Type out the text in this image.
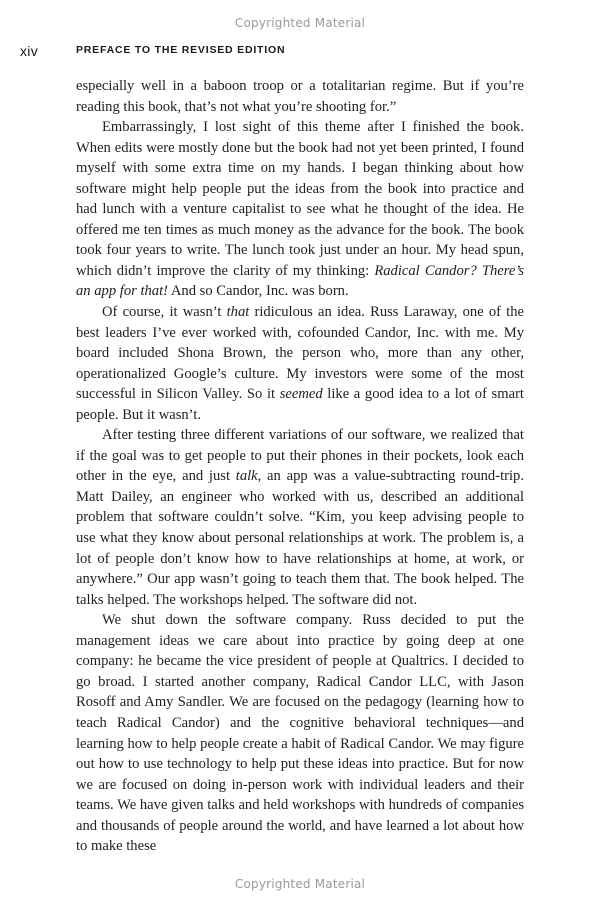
Copyrighted Material
xiv	PREFACE TO THE REVISED EDITION

especially well in a baboon troop or a totalitarian regime. But if you’re reading this book, that’s not what you’re shooting for.”

Embarrassingly, I lost sight of this theme after I finished the book. When edits were mostly done but the book had not yet been printed, I found myself with some extra time on my hands. I began thinking about how software might help people put the ideas from the book into practice and had lunch with a venture capitalist to see what he thought of the idea. He offered me ten times as much money as the advance for the book. The book took four years to write. The lunch took just under an hour. My head spun, which didn’t improve the clarity of my thinking: Radical Candor? There’s an app for that! And so Candor, Inc. was born.

Of course, it wasn’t that ridiculous an idea. Russ Laraway, one of the best leaders I’ve ever worked with, cofounded Candor, Inc. with me. My board included Shona Brown, the person who, more than any other, operationalized Google’s culture. My investors were some of the most successful in Silicon Valley. So it seemed like a good idea to a lot of smart people. But it wasn’t.

After testing three different variations of our software, we realized that if the goal was to get people to put their phones in their pockets, look each other in the eye, and just talk, an app was a value-subtracting round-trip. Matt Dailey, an engineer who worked with us, described an additional problem that software couldn’t solve. “Kim, you keep advising people to use what they know about personal relationships at work. The problem is, a lot of people don’t know how to have relationships at home, at work, or anywhere.” Our app wasn’t going to teach them that. The book helped. The talks helped. The workshops helped. The software did not.

We shut down the software company. Russ decided to put the management ideas we care about into practice by going deep at one company: he became the vice president of people at Qualtrics. I decided to go broad. I started another company, Radical Candor LLC, with Jason Rosoff and Amy Sandler. We are focused on the pedagogy (learning how to teach Radical Candor) and the cognitive behavioral techniques—and learning how to help people create a habit of Radical Candor. We may figure out how to use technology to help put these ideas into practice. But for now we are focused on doing in-person work with individual leaders and their teams. We have given talks and held workshops with hundreds of companies and thousands of people around the world, and have learned a lot about how to make these

Copyrighted Material
